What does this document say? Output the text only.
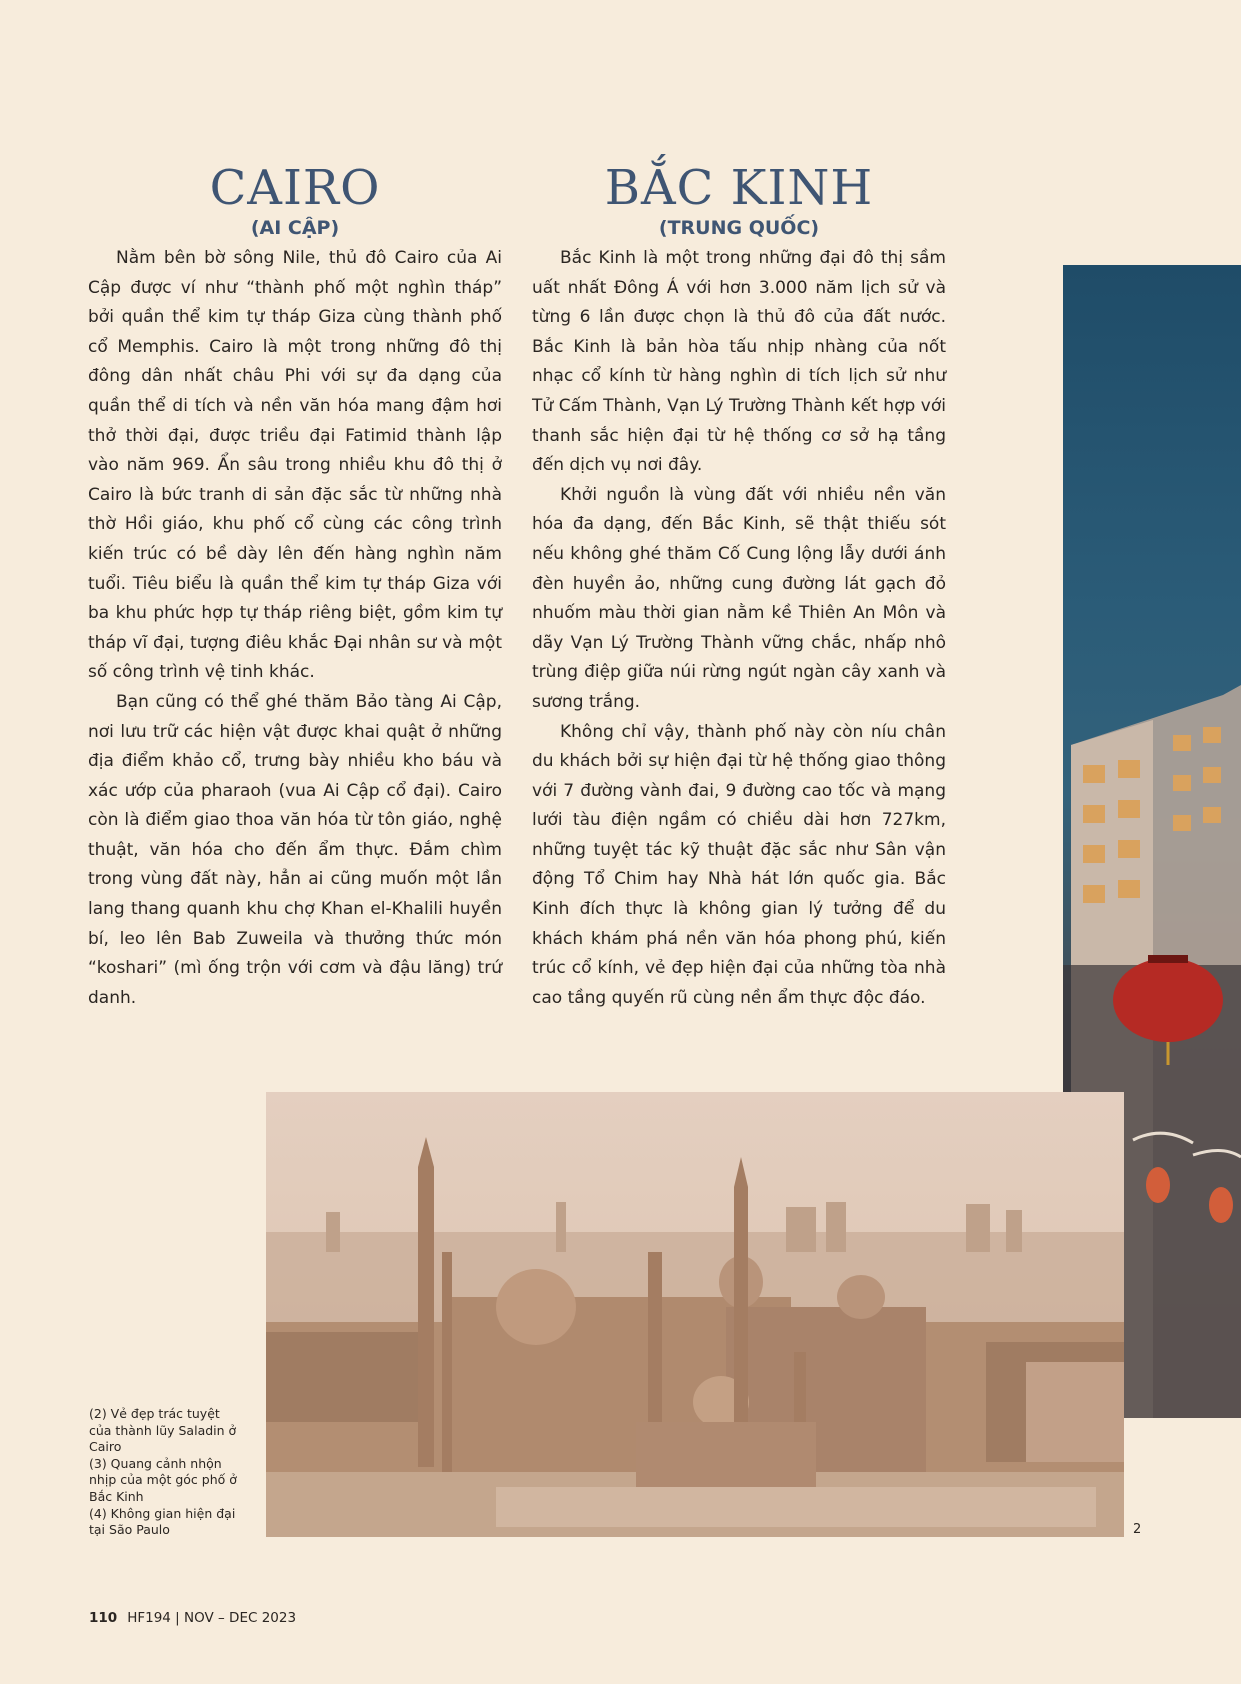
CAIRO
(AI CẬP)

Nằm bên bờ sông Nile, thủ đô Cairo của Ai Cập được ví như “thành phố một nghìn tháp” bởi quần thể kim tự tháp Giza cùng thành phố cổ Memphis. Cairo là một trong những đô thị đông dân nhất châu Phi với sự đa dạng của quần thể di tích và nền văn hóa mang đậm hơi thở thời đại, được triều đại Fatimid thành lập vào năm 969. Ẩn sâu trong nhiều khu đô thị ở Cairo là bức tranh di sản đặc sắc từ những nhà thờ Hồi giáo, khu phố cổ cùng các công trình kiến trúc có bề dày lên đến hàng nghìn năm tuổi. Tiêu biểu là quần thể kim tự tháp Giza với ba khu phức hợp tự tháp riêng biệt, gồm kim tự tháp vĩ đại, tượng điêu khắc Đại nhân sư và một số công trình vệ tinh khác.

Bạn cũng có thể ghé thăm Bảo tàng Ai Cập, nơi lưu trữ các hiện vật được khai quật ở những địa điểm khảo cổ, trưng bày nhiều kho báu và xác ướp của pharaoh (vua Ai Cập cổ đại). Cairo còn là điểm giao thoa văn hóa từ tôn giáo, nghệ thuật, văn hóa cho đến ẩm thực. Đắm chìm trong vùng đất này, hẳn ai cũng muốn một lần lang thang quanh khu chợ Khan el-Khalili huyền bí, leo lên Bab Zuweila và thưởng thức món “koshari” (mì ống trộn với cơm và đậu lăng) trứ danh.

BẮC KINH
(TRUNG QUỐC)

Bắc Kinh là một trong những đại đô thị sầm uất nhất Đông Á với hơn 3.000 năm lịch sử và từng 6 lần được chọn là thủ đô của đất nước. Bắc Kinh là bản hòa tấu nhịp nhàng của nốt nhạc cổ kính từ hàng nghìn di tích lịch sử như Tử Cấm Thành, Vạn Lý Trường Thành kết hợp với thanh sắc hiện đại từ hệ thống cơ sở hạ tầng đến dịch vụ nơi đây.

Khởi nguồn là vùng đất với nhiều nền văn hóa đa dạng, đến Bắc Kinh, sẽ thật thiếu sót nếu không ghé thăm Cố Cung lộng lẫy dưới ánh đèn huyền ảo, những cung đường lát gạch đỏ nhuốm màu thời gian nằm kề Thiên An Môn và dãy Vạn Lý Trường Thành vững chắc, nhấp nhô trùng điệp giữa núi rừng ngút ngàn cây xanh và sương trắng.

Không chỉ vậy, thành phố này còn níu chân du khách bởi sự hiện đại từ hệ thống giao thông với 7 đường vành đai, 9 đường cao tốc và mạng lưới tàu điện ngầm có chiều dài hơn 727km, những tuyệt tác kỹ thuật đặc sắc như Sân vận động Tổ Chim hay Nhà hát lớn quốc gia. Bắc Kinh đích thực là không gian lý tưởng để du khách khám phá nền văn hóa phong phú, kiến trúc cổ kính, vẻ đẹp hiện đại của những tòa nhà cao tầng quyến rũ cùng nền ẩm thực độc đáo.

(2) Vẻ đẹp trác tuyệt của thành lũy Saladin ở Cairo
(3) Quang cảnh nhộn nhịp của một góc phố ở Bắc Kinh
(4) Không gian hiện đại tại São Paulo	2
110 HF194 | NOV – DEC 2023
